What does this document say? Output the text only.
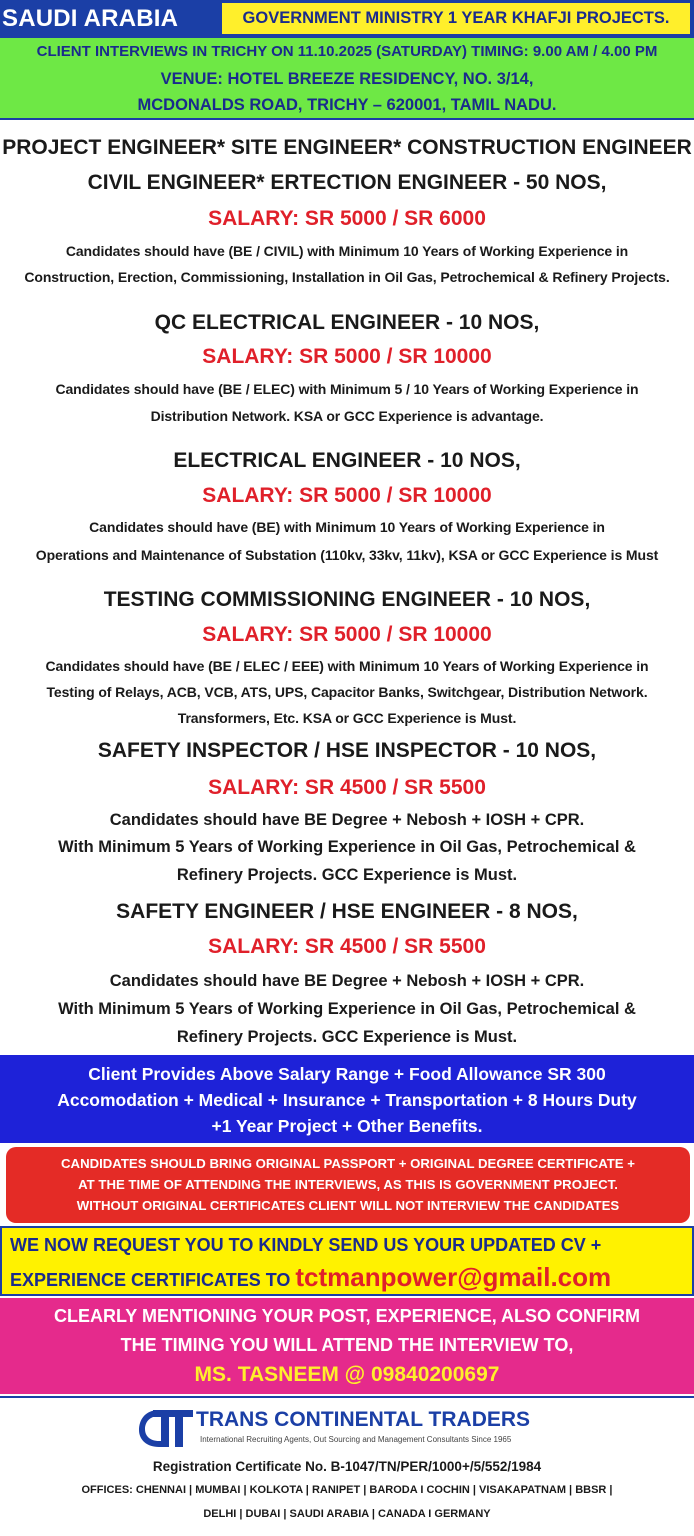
SAUDI ARABIA	GOVERNMENT MINISTRY 1 YEAR KHAFJI PROJECTS.
CLIENT INTERVIEWS IN TRICHY ON 11.10.2025 (SATURDAY) TIMING: 9.00 AM / 4.00 PM
VENUE: HOTEL BREEZE RESIDENCY, NO. 3/14,
MCDONALDS ROAD, TRICHY – 620001, TAMIL NADU.
PROJECT ENGINEER* SITE ENGINEER* CONSTRUCTION ENGINEER
CIVIL ENGINEER* ERTECTION ENGINEER - 50 NOS,
SALARY: SR 5000 / SR 6000
Candidates should have (BE / CIVIL) with Minimum 10 Years of Working Experience in
Construction, Erection, Commissioning, Installation in Oil Gas, Petrochemical & Refinery Projects.
QC ELECTRICAL ENGINEER - 10 NOS,
SALARY: SR 5000 / SR 10000
Candidates should have (BE / ELEC) with Minimum 5 / 10 Years of Working Experience in
Distribution Network. KSA or GCC Experience is advantage.
ELECTRICAL ENGINEER - 10 NOS,
SALARY: SR 5000 / SR 10000
Candidates should have (BE) with Minimum 10 Years of Working Experience in
Operations and Maintenance of Substation (110kv, 33kv, 11kv), KSA or GCC Experience is Must
TESTING COMMISSIONING ENGINEER - 10 NOS,
SALARY: SR 5000 / SR 10000
Candidates should have (BE / ELEC / EEE) with Minimum 10 Years of Working Experience in
Testing of Relays, ACB, VCB, ATS, UPS, Capacitor Banks, Switchgear, Distribution Network.
Transformers, Etc. KSA or GCC Experience is Must.
SAFETY INSPECTOR / HSE INSPECTOR - 10 NOS,
SALARY: SR 4500 / SR 5500
Candidates should have BE Degree + Nebosh + IOSH + CPR.
With Minimum 5 Years of Working Experience in Oil Gas, Petrochemical &
Refinery Projects. GCC Experience is Must.
SAFETY ENGINEER / HSE ENGINEER - 8 NOS,
SALARY: SR 4500 / SR 5500
Candidates should have BE Degree + Nebosh + IOSH + CPR.
With Minimum 5 Years of Working Experience in Oil Gas, Petrochemical &
Refinery Projects. GCC Experience is Must.
Client Provides Above Salary Range + Food Allowance SR 300
Accomodation + Medical + Insurance + Transportation + 8 Hours Duty
+1 Year Project + Other Benefits.
CANDIDATES SHOULD BRING ORIGINAL PASSPORT + ORIGINAL DEGREE CERTIFICATE +
AT THE TIME OF ATTENDING THE INTERVIEWS, AS THIS IS GOVERNMENT PROJECT.
WITHOUT ORIGINAL CERTIFICATES CLIENT WILL NOT INTERVIEW THE CANDIDATES
WE NOW REQUEST YOU TO KINDLY SEND US YOUR UPDATED CV +
EXPERIENCE CERTIFICATES TO tctmanpower@gmail.com
CLEARLY MENTIONING YOUR POST, EXPERIENCE, ALSO CONFIRM
THE TIMING YOU WILL ATTEND THE INTERVIEW TO,
MS. TASNEEM @ 09840200697
TRANS CONTINENTAL TRADERS
International Recruiting Agents, Out Sourcing and Management Consultants Since 1965
Registration Certificate No. B-1047/TN/PER/1000+/5/552/1984
OFFICES: CHENNAI | MUMBAI | KOLKOTA | RANIPET | BARODA I COCHIN | VISAKAPATNAM | BBSR |
DELHI | DUBAI | SAUDI ARABIA | CANADA I GERMANY
